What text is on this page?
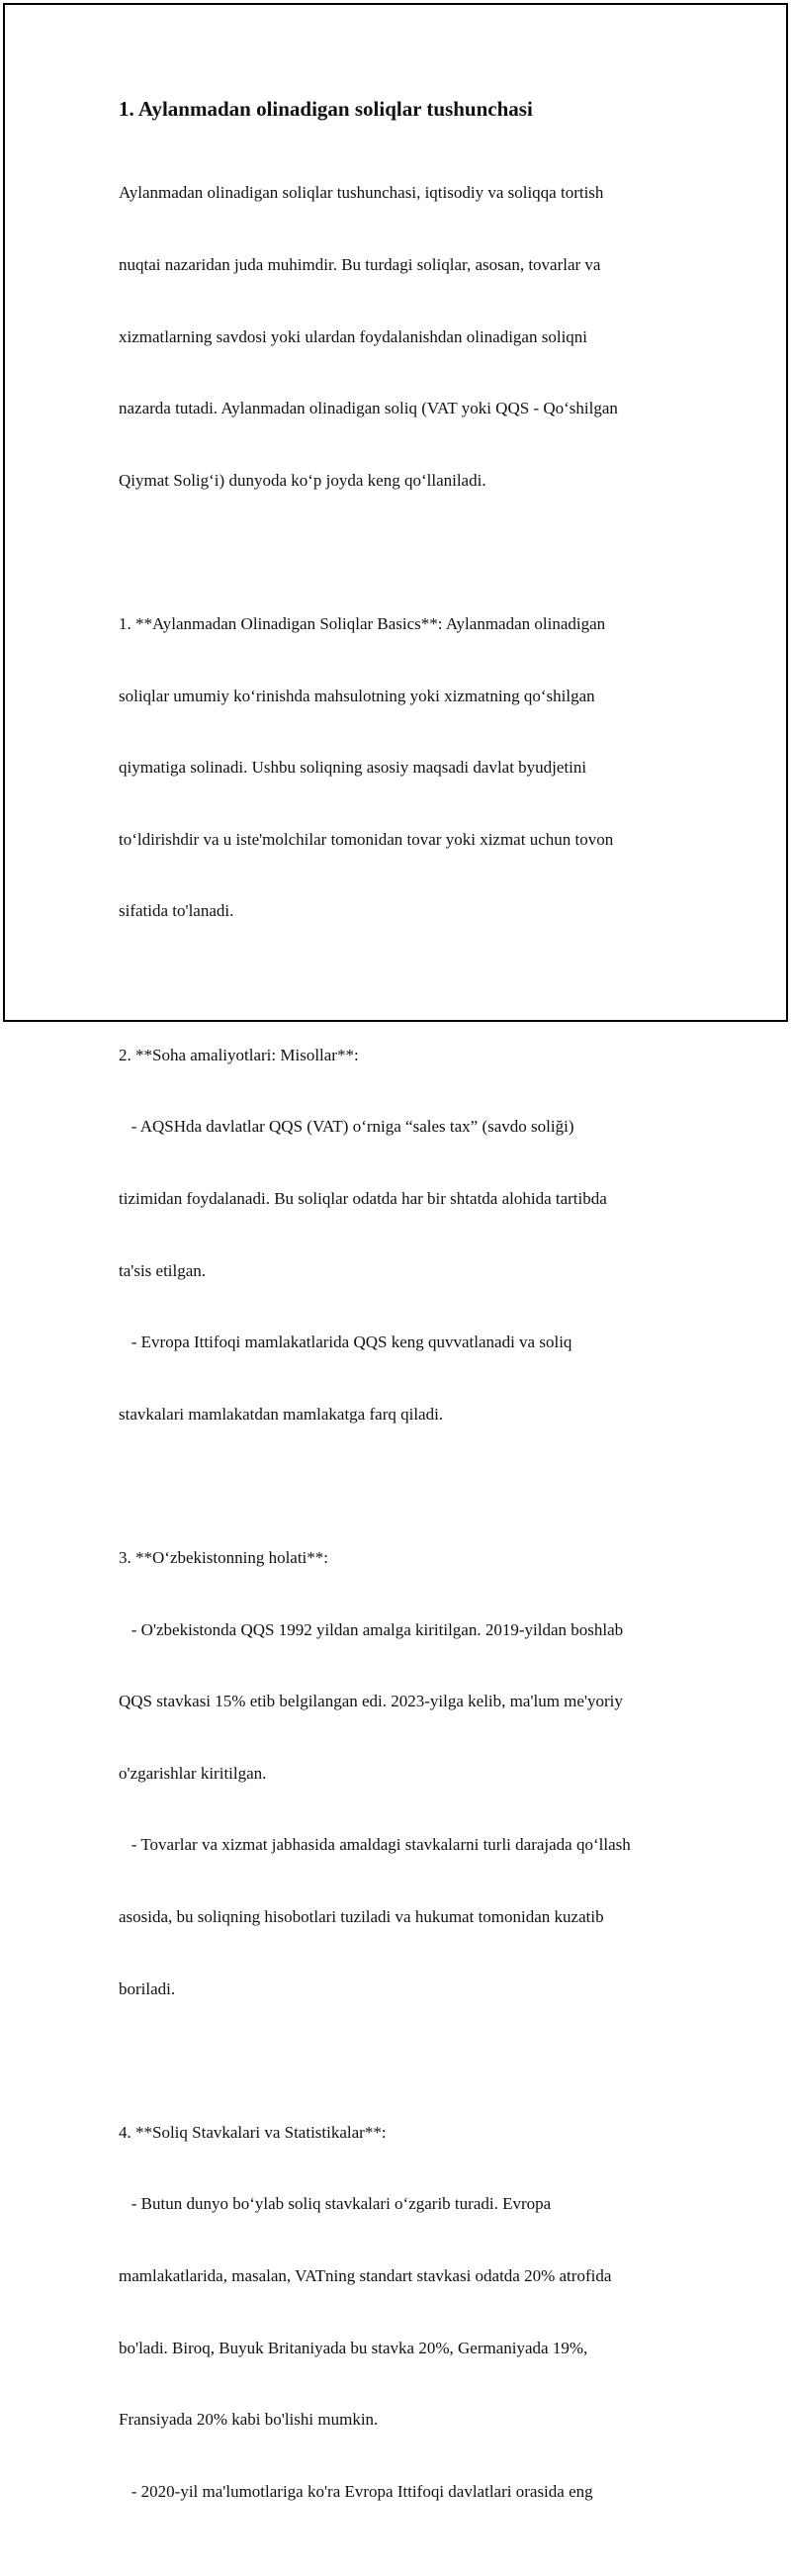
1. Aylanmadan olinadigan soliqlar tushunchasi

Aylanmadan olinadigan soliqlar tushunchasi, iqtisodiy va soliqqa tortish

nuqtai nazaridan juda muhimdir. Bu turdagi soliqlar, asosan, tovarlar va

xizmatlarning savdosi yoki ulardan foydalanishdan olinadigan soliqni

nazarda tutadi. Aylanmadan olinadigan soliq (VAT yoki QQS - Qo‘shilgan

Qiymat Solig‘i) dunyoda ko‘p joyda keng qo‘llaniladi.

1. **Aylanmadan Olinadigan Soliqlar Basics**: Aylanmadan olinadigan

soliqlar umumiy ko‘rinishda mahsulotning yoki xizmatning qo‘shilgan

qiymatiga solinadi. Ushbu soliqning asosiy maqsadi davlat byudjetini

to‘ldirishdir va u iste'molchilar tomonidan tovar yoki xizmat uchun tovon

sifatida to'lanadi.

2. **Soha amaliyotlari: Misollar**:

- AQSHda davlatlar QQS (VAT) o‘rniga “sales tax” (savdo soliği)

tizimidan foydalanadi. Bu soliqlar odatda har bir shtatda alohida tartibda

ta'sis etilgan.

- Evropa Ittifoqi mamlakatlarida QQS keng quvvatlanadi va soliq

stavkalari mamlakatdan mamlakatga farq qiladi.

3. **O‘zbekistonning holati**:

- O'zbekistonda QQS 1992 yildan amalga kiritilgan. 2019-yildan boshlab

QQS stavkasi 15% etib belgilangan edi. 2023-yilga kelib, ma'lum me'yoriy

o'zgarishlar kiritilgan.

- Tovarlar va xizmat jabhasida amaldagi stavkalarni turli darajada qo‘llash

asosida, bu soliqning hisobotlari tuziladi va hukumat tomonidan kuzatib

boriladi.

4. **Soliq Stavkalari va Statistikalar**:

- Butun dunyo bo‘ylab soliq stavkalari o‘zgarib turadi. Evropa

mamlakatlarida, masalan, VATning standart stavkasi odatda 20% atrofida

bo'ladi. Biroq, Buyuk Britaniyada bu stavka 20%, Germaniyada 19%,

Fransiyada 20% kabi bo'lishi mumkin.

- 2020-yil ma'lumotlariga ko'ra Evropa Ittifoqi davlatlari orasida eng
